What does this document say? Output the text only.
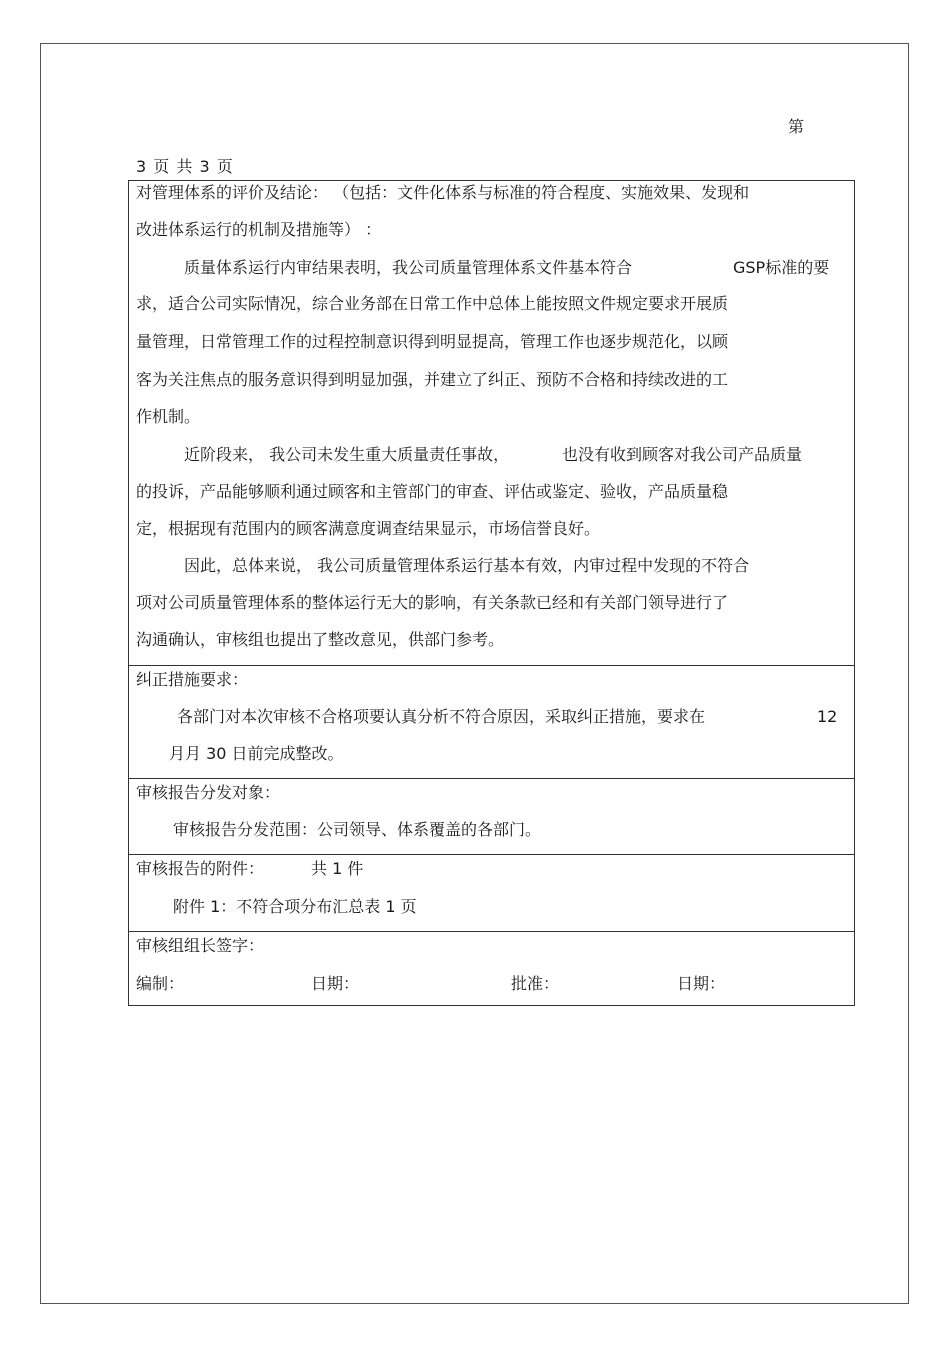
第
3 页 共 3 页
对管理体系的评价及结论： （包括：文件化体系与标准的符合程度、实施效果、发现和
改进体系运行的机制及措施等） ：
质量体系运行内审结果表明，我公司质量管理体系文件基本符合	GSP标准的要
求，适合公司实际情况，综合业务部在日常工作中总体上能按照文件规定要求开展质
量管理，日常管理工作的过程控制意识得到明显提高，管理工作也逐步规范化，以顾
客为关注焦点的服务意识得到明显加强，并建立了纠正、预防不合格和持续改进的工
作机制。
近阶段来， 我公司未发生重大质量责任事故，	也没有收到顾客对我公司产品质量
的投诉，产品能够顺利通过顾客和主管部门的审查、评估或鉴定、验收，产品质量稳
定，根据现有范围内的顾客满意度调查结果显示，市场信誉良好。
因此，总体来说， 我公司质量管理体系运行基本有效，内审过程中发现的不符合
项对公司质量管理体系的整体运行无大的影响，有关条款已经和有关部门领导进行了
沟通确认，审核组也提出了整改意见，供部门参考。
纠正措施要求：
各部门对本次审核不合格项要认真分析不符合原因，采取纠正措施，要求在	12
月月 30 日前完成整改。
审核报告分发对象：
审核报告分发范围：公司领导、体系覆盖的各部门。
审核报告的附件：	共 1 件
附件 1：不符合项分布汇总表 1 页
审核组组长签字：
编制：	日期：	批准：	日期：
